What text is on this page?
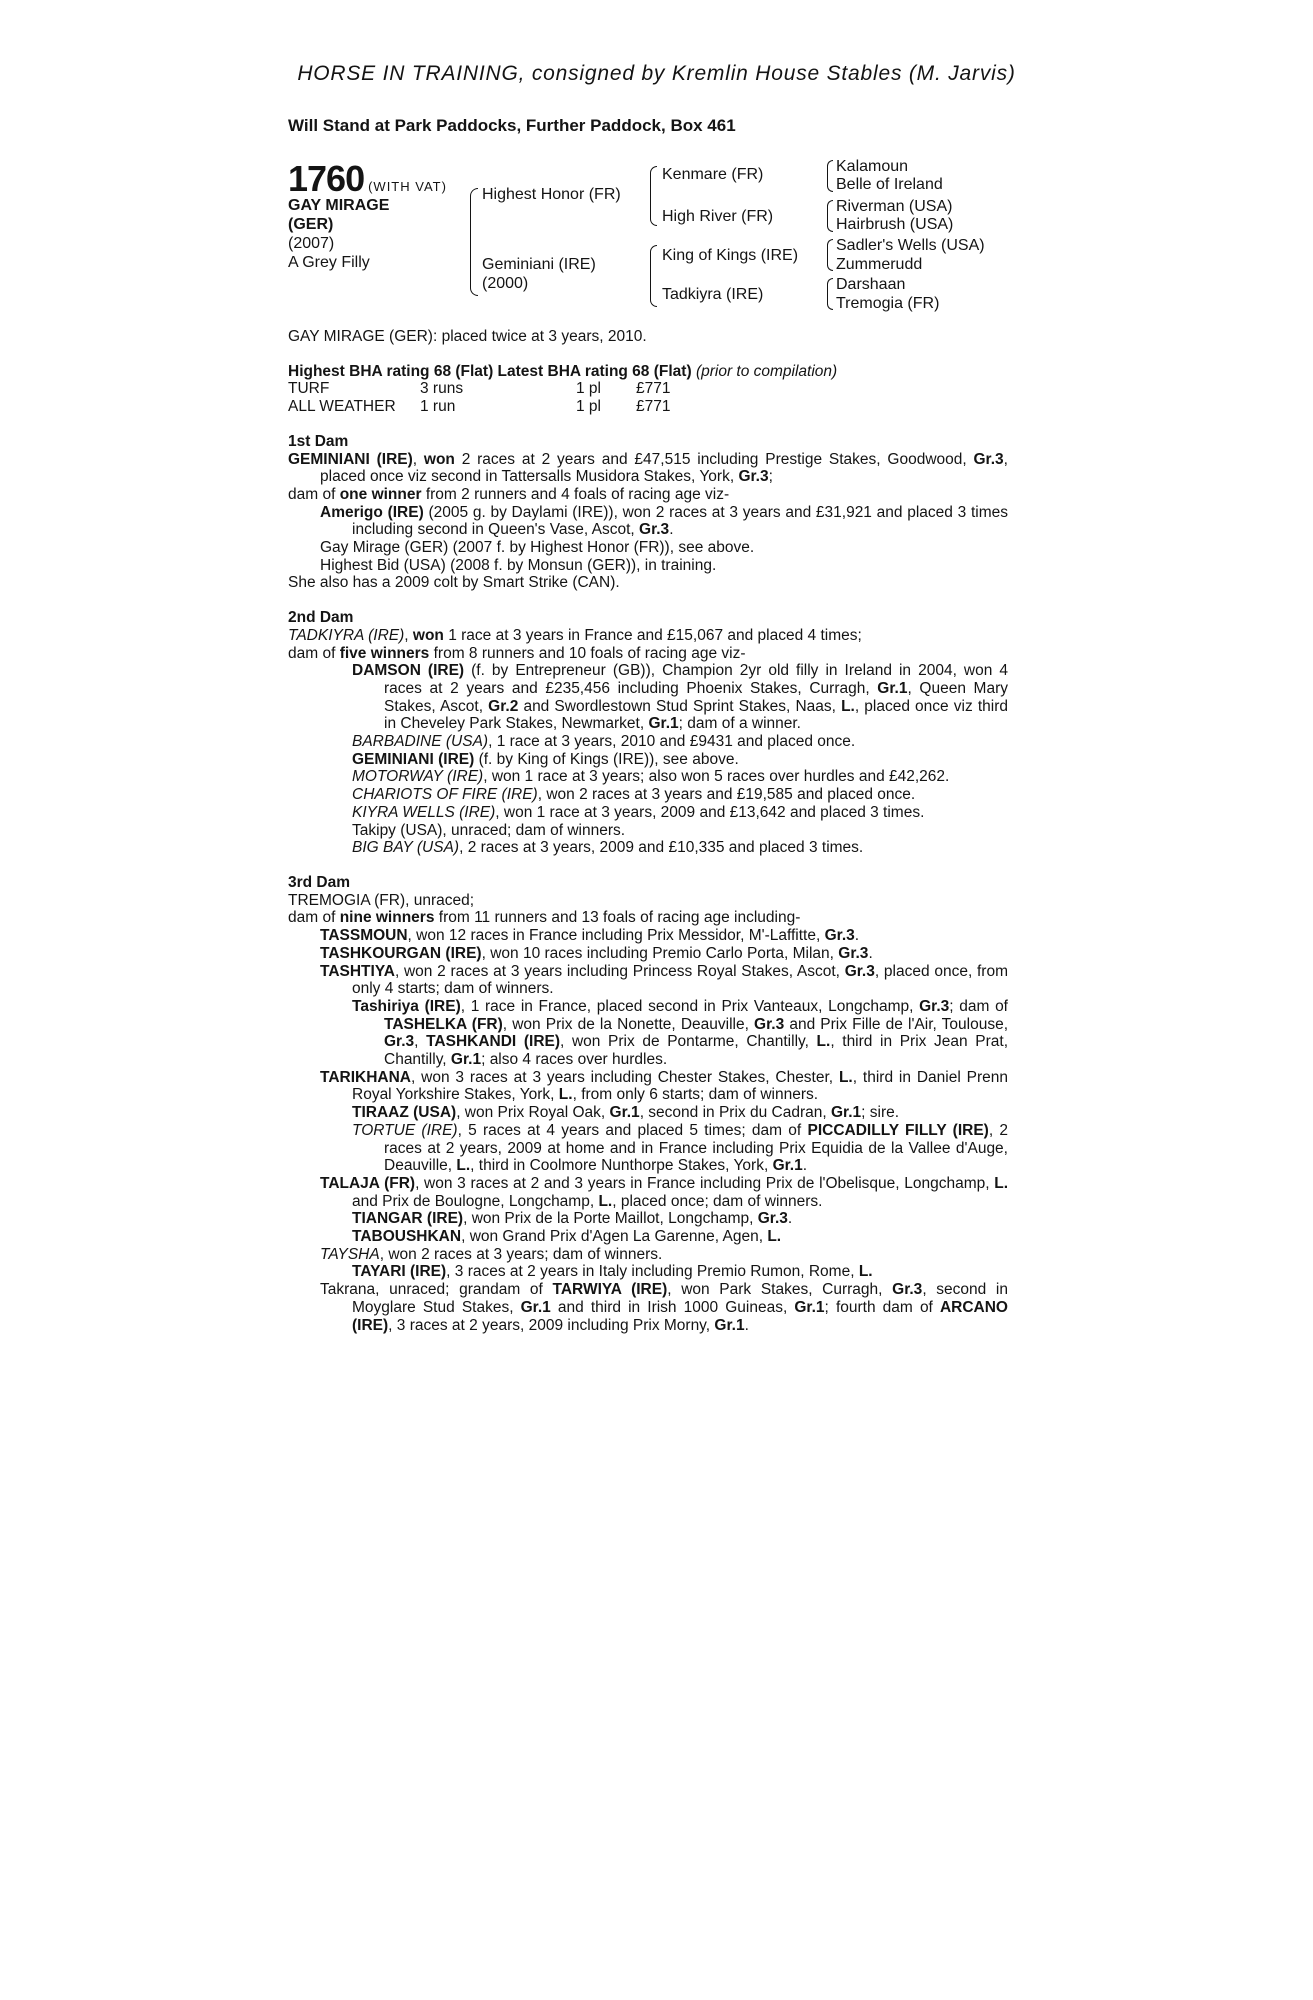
HORSE IN TRAINING, consigned by Kremlin House Stables (M. Jarvis)
Will Stand at Park Paddocks, Further Paddock, Box 461
1760 (WITH VAT)
GAY MIRAGE (GER)
(2007)
A Grey Filly
Highest Honor (FR)
Geminiani (IRE)
(2000)
Kenmare (FR)
High River (FR)
King of Kings (IRE)
Tadkiyra (IRE)
Kalamoun
Belle of Ireland
Riverman (USA)
Hairbrush (USA)
Sadler's Wells (USA)
Zummerudd
Darshaan
Tremogia (FR)

GAY MIRAGE (GER): placed twice at 3 years, 2010.

Highest BHA rating 68 (Flat) Latest BHA rating 68 (Flat) (prior to compilation)

TURF	3 runs	1 pl	£771
ALL WEATHER	1 run	1 pl	£771

1st Dam

GEMINIANI (IRE), won 2 races at 2 years and £47,515 including Prestige Stakes, Goodwood, Gr.3, placed once viz second in Tattersalls Musidora Stakes, York, Gr.3;

dam of one winner from 2 runners and 4 foals of racing age viz-

Amerigo (IRE) (2005 g. by Daylami (IRE)), won 2 races at 3 years and £31,921 and placed 3 times including second in Queen's Vase, Ascot, Gr.3.

Gay Mirage (GER) (2007 f. by Highest Honor (FR)), see above.

Highest Bid (USA) (2008 f. by Monsun (GER)), in training.

She also has a 2009 colt by Smart Strike (CAN).

2nd Dam

TADKIYRA (IRE), won 1 race at 3 years in France and £15,067 and placed 4 times;

dam of five winners from 8 runners and 10 foals of racing age viz-

DAMSON (IRE) (f. by Entrepreneur (GB)), Champion 2yr old filly in Ireland in 2004, won 4 races at 2 years and £235,456 including Phoenix Stakes, Curragh, Gr.1, Queen Mary Stakes, Ascot, Gr.2 and Swordlestown Stud Sprint Stakes, Naas, L., placed once viz third in Cheveley Park Stakes, Newmarket, Gr.1; dam of a winner.

BARBADINE (USA), 1 race at 3 years, 2010 and £9431 and placed once.

GEMINIANI (IRE) (f. by King of Kings (IRE)), see above.

MOTORWAY (IRE), won 1 race at 3 years; also won 5 races over hurdles and £42,262.

CHARIOTS OF FIRE (IRE), won 2 races at 3 years and £19,585 and placed once.

KIYRA WELLS (IRE), won 1 race at 3 years, 2009 and £13,642 and placed 3 times.

Takipy (USA), unraced; dam of winners.

BIG BAY (USA), 2 races at 3 years, 2009 and £10,335 and placed 3 times.

3rd Dam

TREMOGIA (FR), unraced;

dam of nine winners from 11 runners and 13 foals of racing age including-

TASSMOUN, won 12 races in France including Prix Messidor, M'-Laffitte, Gr.3.

TASHKOURGAN (IRE), won 10 races including Premio Carlo Porta, Milan, Gr.3.

TASHTIYA, won 2 races at 3 years including Princess Royal Stakes, Ascot, Gr.3, placed once, from only 4 starts; dam of winners.

Tashiriya (IRE), 1 race in France, placed second in Prix Vanteaux, Longchamp, Gr.3; dam of TASHELKA (FR), won Prix de la Nonette, Deauville, Gr.3 and Prix Fille de l'Air, Toulouse, Gr.3, TASHKANDI (IRE), won Prix de Pontarme, Chantilly, L., third in Prix Jean Prat, Chantilly, Gr.1; also 4 races over hurdles.

TARIKHANA, won 3 races at 3 years including Chester Stakes, Chester, L., third in Daniel Prenn Royal Yorkshire Stakes, York, L., from only 6 starts; dam of winners.

TIRAAZ (USA), won Prix Royal Oak, Gr.1, second in Prix du Cadran, Gr.1; sire.

TORTUE (IRE), 5 races at 4 years and placed 5 times; dam of PICCADILLY FILLY (IRE), 2 races at 2 years, 2009 at home and in France including Prix Equidia de la Vallee d'Auge, Deauville, L., third in Coolmore Nunthorpe Stakes, York, Gr.1.

TALAJA (FR), won 3 races at 2 and 3 years in France including Prix de l'Obelisque, Longchamp, L. and Prix de Boulogne, Longchamp, L., placed once; dam of winners.

TIANGAR (IRE), won Prix de la Porte Maillot, Longchamp, Gr.3.

TABOUSHKAN, won Grand Prix d'Agen La Garenne, Agen, L.

TAYSHA, won 2 races at 3 years; dam of winners.

TAYARI (IRE), 3 races at 2 years in Italy including Premio Rumon, Rome, L.

Takrana, unraced; grandam of TARWIYA (IRE), won Park Stakes, Curragh, Gr.3, second in Moyglare Stud Stakes, Gr.1 and third in Irish 1000 Guineas, Gr.1; fourth dam of ARCANO (IRE), 3 races at 2 years, 2009 including Prix Morny, Gr.1.
